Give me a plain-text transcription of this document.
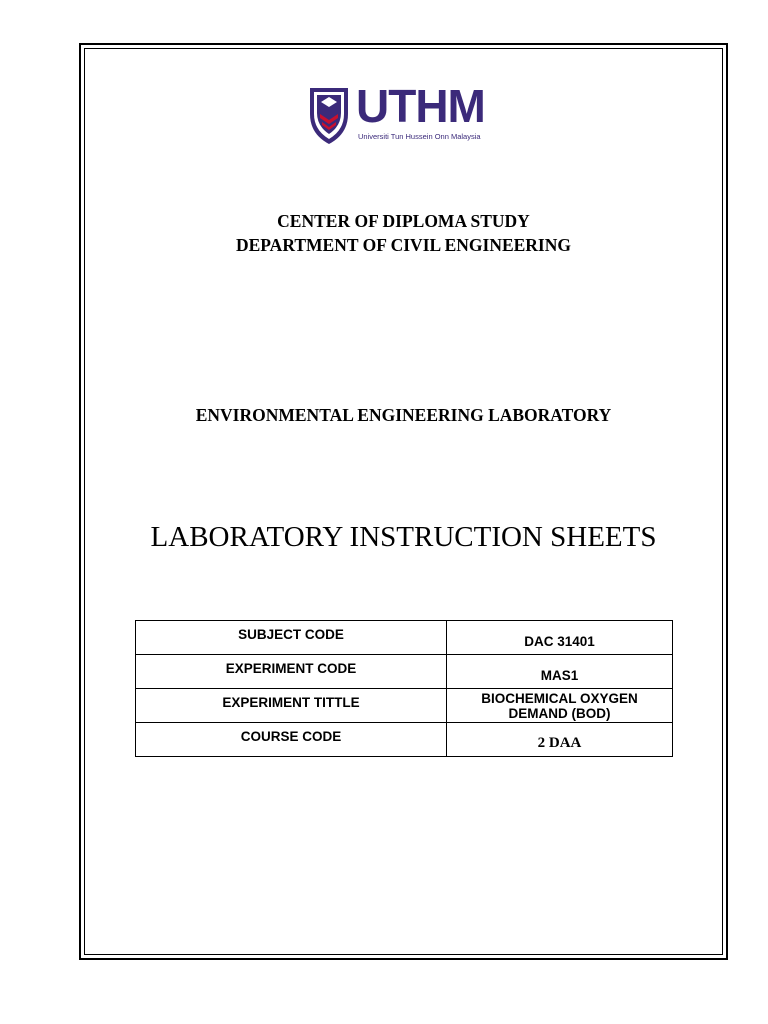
UTHM
Universiti Tun Hussein Onn Malaysia
CENTER OF DIPLOMA STUDY
DEPARTMENT OF CIVIL ENGINEERING
ENVIRONMENTAL ENGINEERING LABORATORY
LABORATORY INSTRUCTION SHEETS
SUBJECT CODE	DAC 31401
EXPERIMENT CODE	MAS1
EXPERIMENT TITTLE	BIOCHEMICAL OXYGEN
DEMAND (BOD)
COURSE CODE	2 DAA
